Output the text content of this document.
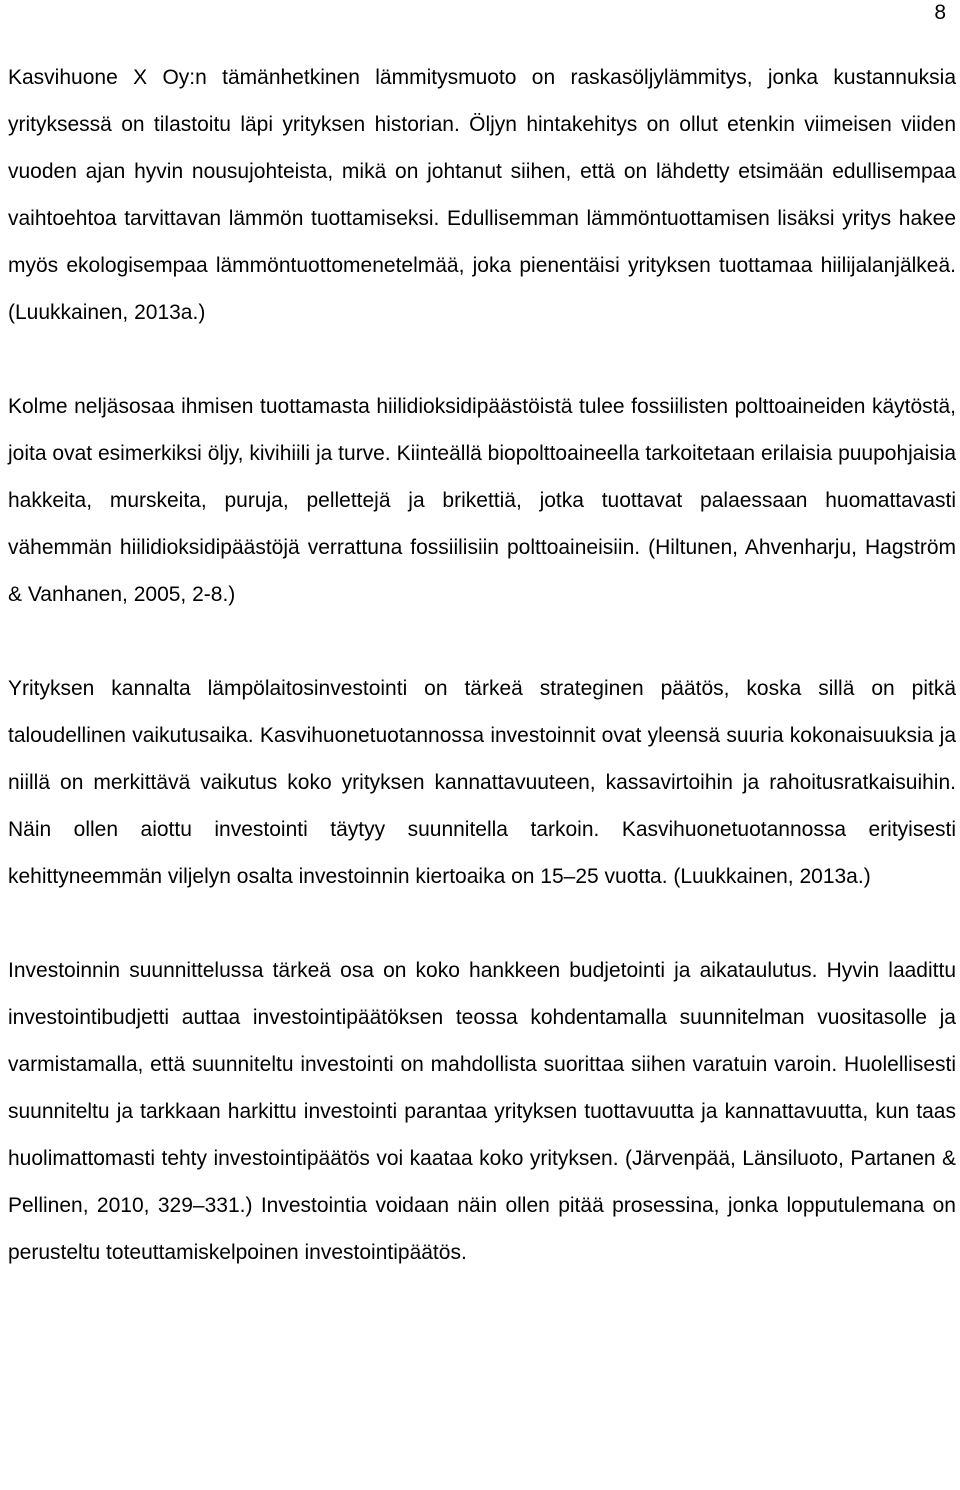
8

Kasvihuone X Oy:n tämänhetkinen lämmitysmuoto on raskasöljylämmitys, jonka kustannuksia yrityksessä on tilastoitu läpi yrityksen historian. Öljyn hintakehitys on ollut etenkin viimeisen viiden vuoden ajan hyvin nousujohteista, mikä on johtanut siihen, että on lähdetty etsimään edullisempaa vaihtoehtoa tarvittavan lämmön tuottamiseksi. Edullisemman lämmöntuottamisen lisäksi yritys hakee myös ekologisempaa lämmöntuottomenetelmää, joka pienentäisi yrityksen tuottamaa hiilijalanjälkeä. (Luukkainen, 2013a.)

Kolme neljäsosaa ihmisen tuottamasta hiilidioksidipäästöistä tulee fossiilisten polttoaineiden käytöstä, joita ovat esimerkiksi öljy, kivihiili ja turve. Kiinteällä biopolttoaineella tarkoitetaan erilaisia puupohjaisia hakkeita, murskeita, puruja, pellettejä ja brikettiä, jotka tuottavat palaessaan huomattavasti vähemmän hiilidioksidipäästöjä verrattuna fossiilisiin polttoaineisiin. (Hiltunen, Ahvenharju, Hagström & Vanhanen, 2005, 2-8.)

Yrityksen kannalta lämpölaitosinvestointi on tärkeä strateginen päätös, koska sillä on pitkä taloudellinen vaikutusaika. Kasvihuonetuotannossa investoinnit ovat yleensä suuria kokonaisuuksia ja niillä on merkittävä vaikutus koko yrityksen kannattavuuteen, kassavirtoihin ja rahoitusratkaisuihin. Näin ollen aiottu investointi täytyy suunnitella tarkoin. Kasvihuonetuotannossa erityisesti kehittyneemmän viljelyn osalta investoinnin kiertoaika on 15–25 vuotta. (Luukkainen, 2013a.)

Investoinnin suunnittelussa tärkeä osa on koko hankkeen budjetointi ja aikataulutus. Hyvin laadittu investointibudjetti auttaa investointipäätöksen teossa kohdentamalla suunnitelman vuositasolle ja varmistamalla, että suunniteltu investointi on mahdollista suorittaa siihen varatuin varoin. Huolellisesti suunniteltu ja tarkkaan harkittu investointi parantaa yrityksen tuottavuutta ja kannattavuutta, kun taas huolimattomasti tehty investointipäätös voi kaataa koko yrityksen. (Järvenpää, Länsiluoto, Partanen & Pellinen, 2010, 329–331.) Investointia voidaan näin ollen pitää prosessina, jonka lopputulemana on perusteltu toteuttamiskelpoinen investointipäätös.
